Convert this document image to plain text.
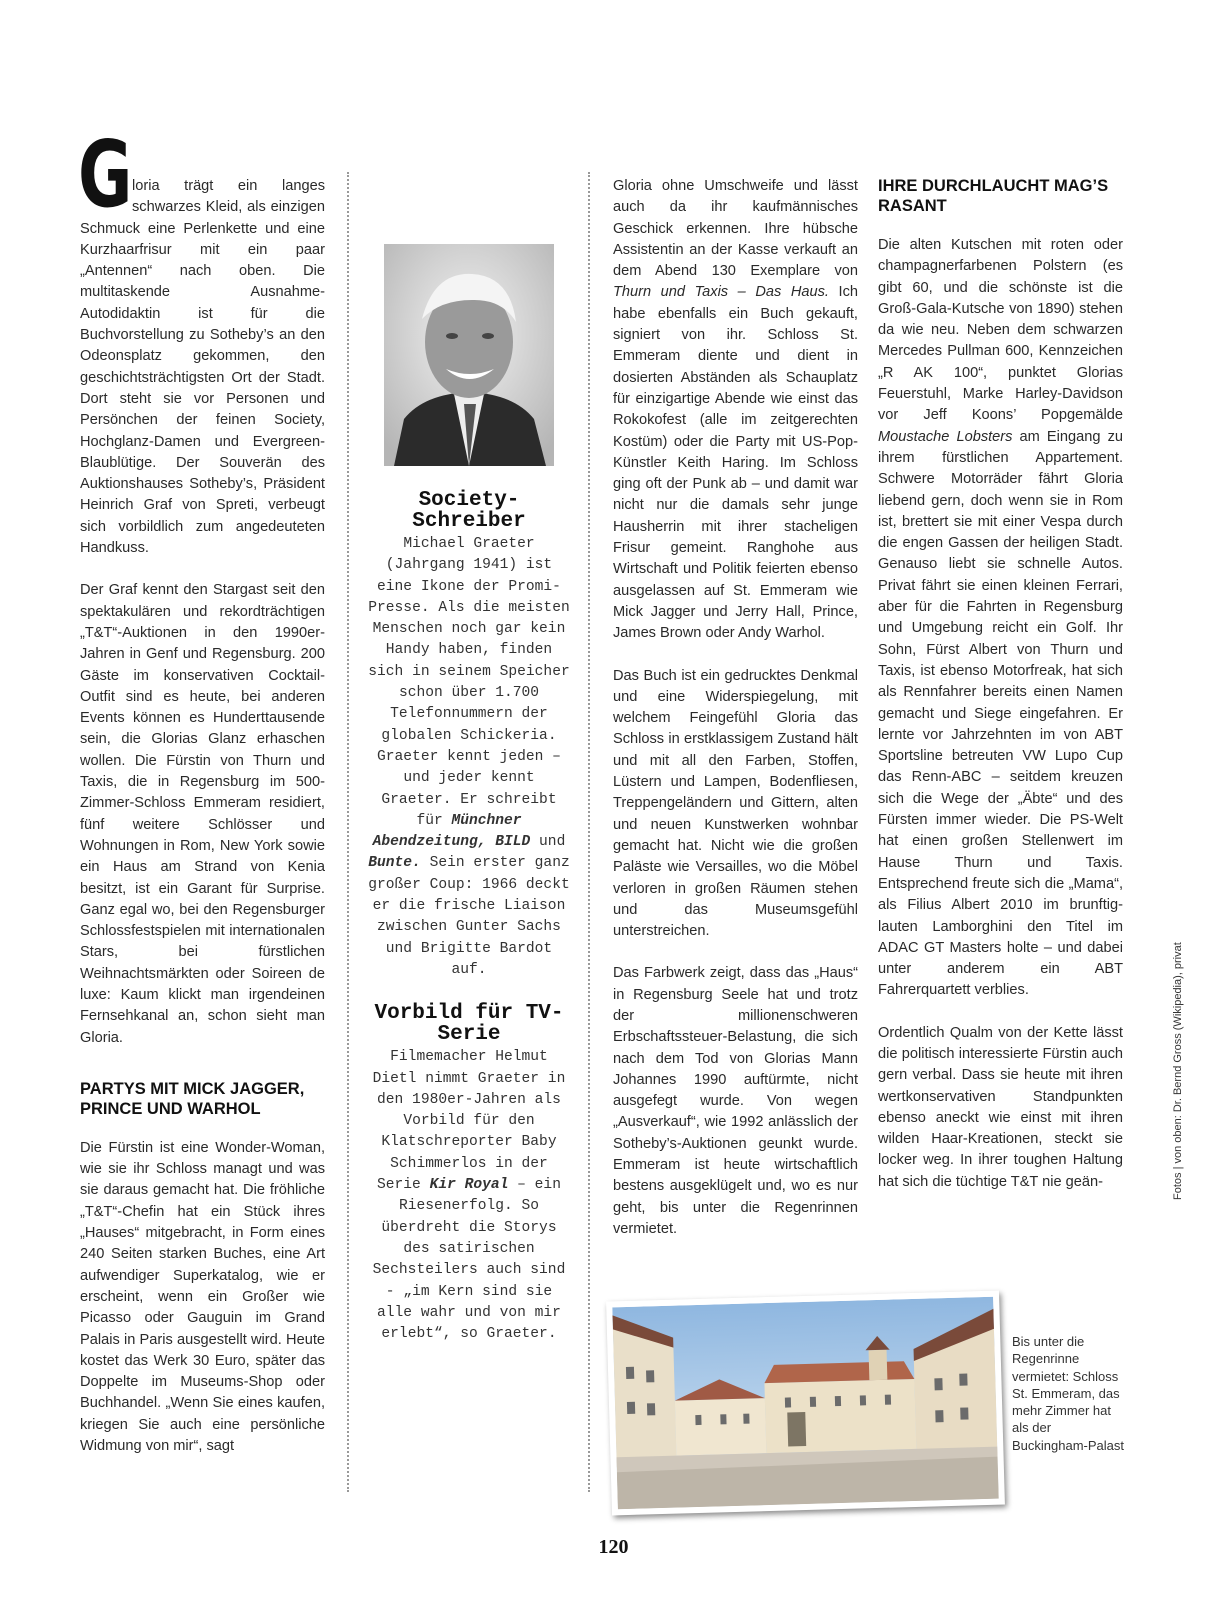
Gloria trägt ein langes schwarzes Kleid, als einzigen Schmuck eine Perlenkette und eine Kurzhaarfrisur mit ein paar „Antennen“ nach oben. Die multitaskende Ausnahme-Autodidaktin ist für die Buchvorstellung zu Sotheby’s an den Odeonsplatz gekommen, den geschichtsträchtigsten Ort der Stadt. Dort steht sie vor Personen und Persönchen der feinen Society, Hochglanz-Damen und Evergreen-Blaublütige. Der Souverän des Auktionshauses Sotheby’s, Präsident Heinrich Graf von Spreti, verbeugt sich vorbildlich zum angedeuteten Handkuss.

Der Graf kennt den Stargast seit den spektakulären und rekordträchtigen „T&T“-Auktionen in den 1990er-Jahren in Genf und Regensburg. 200 Gäste im konservativen Cocktail-Outfit sind es heute, bei anderen Events können es Hunderttausende sein, die Glorias Glanz erhaschen wollen. Die Fürstin von Thurn und Taxis, die in Regensburg im 500-Zimmer-Schloss Emmeram residiert, fünf weitere Schlösser und Wohnungen in Rom, New York sowie ein Haus am Strand von Kenia besitzt, ist ein Garant für Surprise. Ganz egal wo, bei den Regensburger Schlossfestspielen mit internationalen Stars, bei fürstlichen Weihnachtsmärkten oder Soireen de luxe: Kaum klickt man irgendeinen Fernsehkanal an, schon sieht man Gloria.

PARTYS MIT MICK JAGGER, PRINCE UND WARHOL

Die Fürstin ist eine Wonder-Woman, wie sie ihr Schloss managt und was sie daraus gemacht hat. Die fröhliche „T&T“-Chefin hat ein Stück ihres „Hauses“ mitgebracht, in Form eines 240 Seiten starken Buches, eine Art aufwendiger Superkatalog, wie er erscheint, wenn ein Großer wie Picasso oder Gauguin im Grand Palais in Paris ausgestellt wird. Heute kostet das Werk 30 Euro, später das Doppelte im Museums-Shop oder Buchhandel. „Wenn Sie eines kaufen, kriegen Sie auch eine persönliche Widmung von mir“, sagt

Society-Schreiber

Michael Graeter (Jahrgang 1941) ist eine Ikone der Promi-Presse. Als die meisten Menschen noch gar kein Handy haben, finden sich in seinem Speicher schon über 1.700 Telefonnummern der globalen Schickeria. Graeter kennt jeden – und jeder kennt Graeter. Er schreibt für Münchner Abendzeitung, BILD und Bunte. Sein erster ganz großer Coup: 1966 deckt er die frische Liaison zwischen Gunter Sachs und Brigitte Bardot auf.

Vorbild für TV-Serie

Filmemacher Helmut Dietl nimmt Graeter in den 1980er-Jahren als Vorbild für den Klatschreporter Baby Schimmerlos in der Serie Kir Royal – ein Riesenerfolg. So überdreht die Storys des satirischen Sechsteilers auch sind - „im Kern sind sie alle wahr und von mir erlebt“, so Graeter.

Gloria ohne Umschweife und lässt auch da ihr kaufmännisches Geschick erkennen. Ihre hübsche Assistentin an der Kasse verkauft an dem Abend 130 Exemplare von Thurn und Taxis – Das Haus. Ich habe ebenfalls ein Buch gekauft, signiert von ihr. Schloss St. Emmeram diente und dient in dosierten Abständen als Schauplatz für einzigartige Abende wie einst das Rokokofest (alle im zeitgerechten Kostüm) oder die Party mit US-Pop-Künstler Keith Haring. Im Schloss ging oft der Punk ab – und damit war nicht nur die damals sehr junge Hausherrin mit ihrer stacheligen Frisur gemeint. Ranghohe aus Wirtschaft und Politik feierten ebenso ausgelassen auf St. Emmeram wie Mick Jagger und Jerry Hall, Prince, James Brown oder Andy Warhol.

Das Buch ist ein gedrucktes Denkmal und eine Widerspiegelung, mit welchem Feingefühl Gloria das Schloss in erstklassigem Zustand hält und mit all den Farben, Stoffen, Lüstern und Lampen, Bodenfliesen, Treppengeländern und Gittern, alten und neuen Kunstwerken wohnbar gemacht hat. Nicht wie die großen Paläste wie Versailles, wo die Möbel verloren in großen Räumen stehen und das Museumsgefühl unterstreichen.

Das Farbwerk zeigt, dass das „Haus“ in Regensburg Seele hat und trotz der millionenschweren Erbschaftssteuer-Belastung, die sich nach dem Tod von Glorias Mann Johannes 1990 auftürmte, nicht ausgefegt wurde. Von wegen „Ausverkauf“, wie 1992 anlässlich der Sotheby’s-Auktionen geunkt wurde. Emmeram ist heute wirtschaftlich bestens ausgeklügelt und, wo es nur geht, bis unter die Regenrinnen vermietet.

IHRE DURCHLAUCHT MAG’S RASANT

Die alten Kutschen mit roten oder champagnerfarbenen Polstern (es gibt 60, und die schönste ist die Groß-Gala-Kutsche von 1890) stehen da wie neu. Neben dem schwarzen Mercedes Pullman 600, Kennzeichen „R AK 100“, punktet Glorias Feuerstuhl, Marke Harley-Davidson vor Jeff Koons’ Popgemälde Moustache Lobsters am Eingang zu ihrem fürstlichen Appartement. Schwere Motorräder fährt Gloria liebend gern, doch wenn sie in Rom ist, brettert sie mit einer Vespa durch die engen Gassen der heiligen Stadt. Genauso liebt sie schnelle Autos. Privat fährt sie einen kleinen Ferrari, aber für die Fahrten in Regensburg und Umgebung reicht ein Golf. Ihr Sohn, Fürst Albert von Thurn und Taxis, ist ebenso Motorfreak, hat sich als Rennfahrer bereits einen Namen gemacht und Siege eingefahren. Er lernte vor Jahrzehnten im von ABT Sportsline betreuten VW Lupo Cup das Renn-ABC – seitdem kreuzen sich die Wege der „Äbte“ und des Fürsten immer wieder. Die PS-Welt hat einen großen Stellenwert im Hause Thurn und Taxis. Entsprechend freute sich die „Mama“, als Filius Albert 2010 im brunftig-lauten Lamborghini den Titel im ADAC GT Masters holte – und dabei unter anderem ein ABT Fahrerquartett verblies.

Ordentlich Qualm von der Kette lässt die politisch interessierte Fürstin auch gern verbal. Dass sie heute mit ihren wertkonservativen Standpunkten ebenso aneckt wie einst mit ihren wilden Haar-Kreationen, steckt sie locker weg. In ihrer toughen Haltung hat sich die tüchtige T&T nie geän-

Bis unter die Regenrinne vermietet: Schloss St. Emmeram, das mehr Zimmer hat als der Buckingham-Palast
Fotos | von oben: Dr. Bernd Gross (Wikipedia), privat
120
